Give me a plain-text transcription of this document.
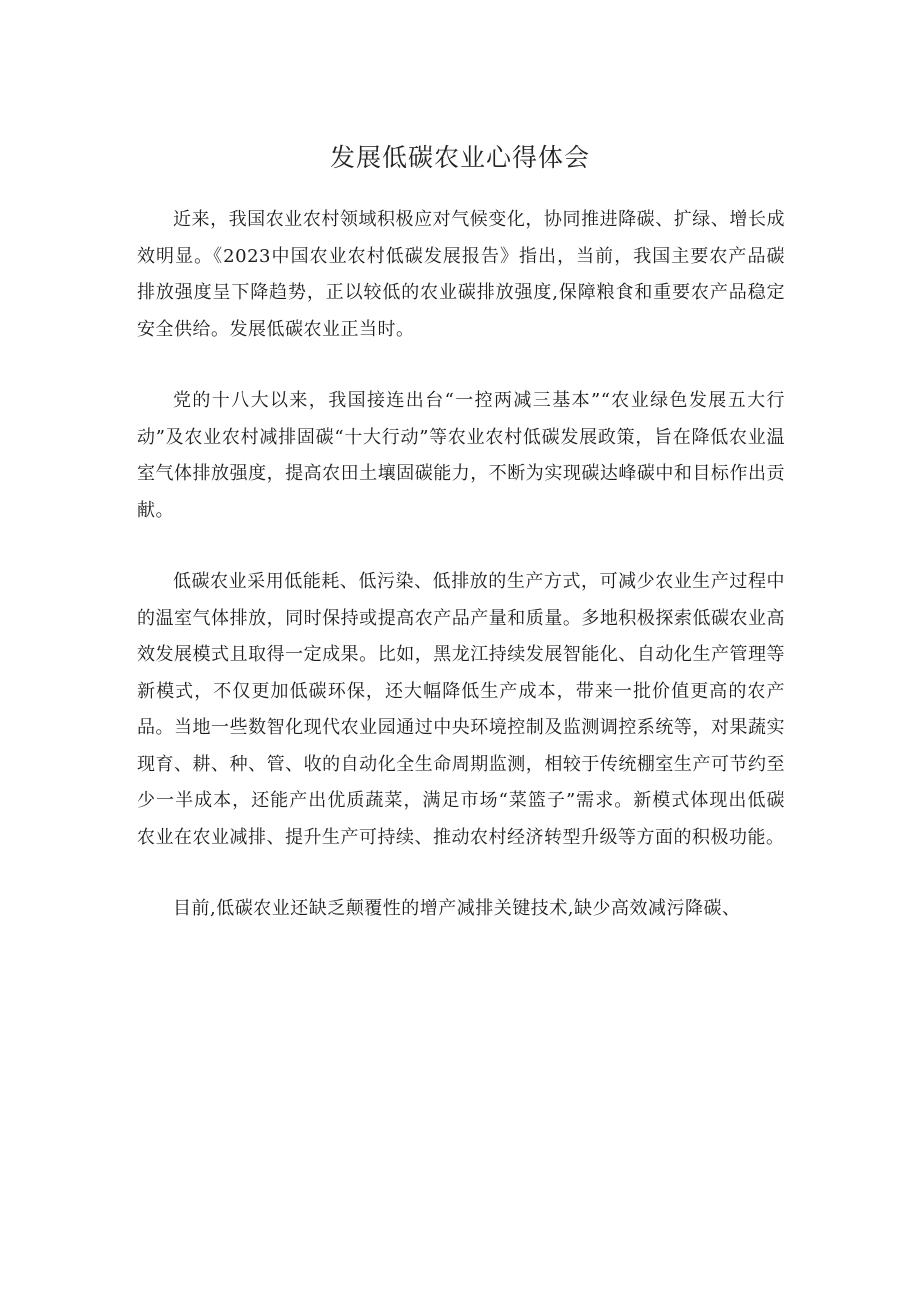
发展低碳农业心得体会

近来，我国农业农村领域积极应对气候变化，协同推进降碳、扩绿、增长成效明显。《2023中国农业农村低碳发展报告》指出，当前，我国主要农产品碳排放强度呈下降趋势，正以较低的农业碳排放强度,保障粮食和重要农产品稳定安全供给。发展低碳农业正当时。

党的十八大以来，我国接连出台“一控两减三基本”“农业绿色发展五大行动”及农业农村减排固碳“十大行动”等农业农村低碳发展政策，旨在降低农业温室气体排放强度，提高农田土壤固碳能力，不断为实现碳达峰碳中和目标作出贡献。

低碳农业采用低能耗、低污染、低排放的生产方式，可减少农业生产过程中的温室气体排放，同时保持或提高农产品产量和质量。多地积极探索低碳农业高效发展模式且取得一定成果。比如，黑龙江持续发展智能化、自动化生产管理等新模式，不仅更加低碳环保，还大幅降低生产成本，带来一批价值更高的农产品。当地一些数智化现代农业园通过中央环境控制及监测调控系统等，对果蔬实现育、耕、种、管、收的自动化全生命周期监测，相较于传统棚室生产可节约至少一半成本，还能产出优质蔬菜，满足市场“菜篮子”需求。新模式体现出低碳农业在农业减排、提升生产可持续、推动农村经济转型升级等方面的积极功能。

目前,低碳农业还缺乏颠覆性的增产减排关键技术,缺少高效减污降碳、
